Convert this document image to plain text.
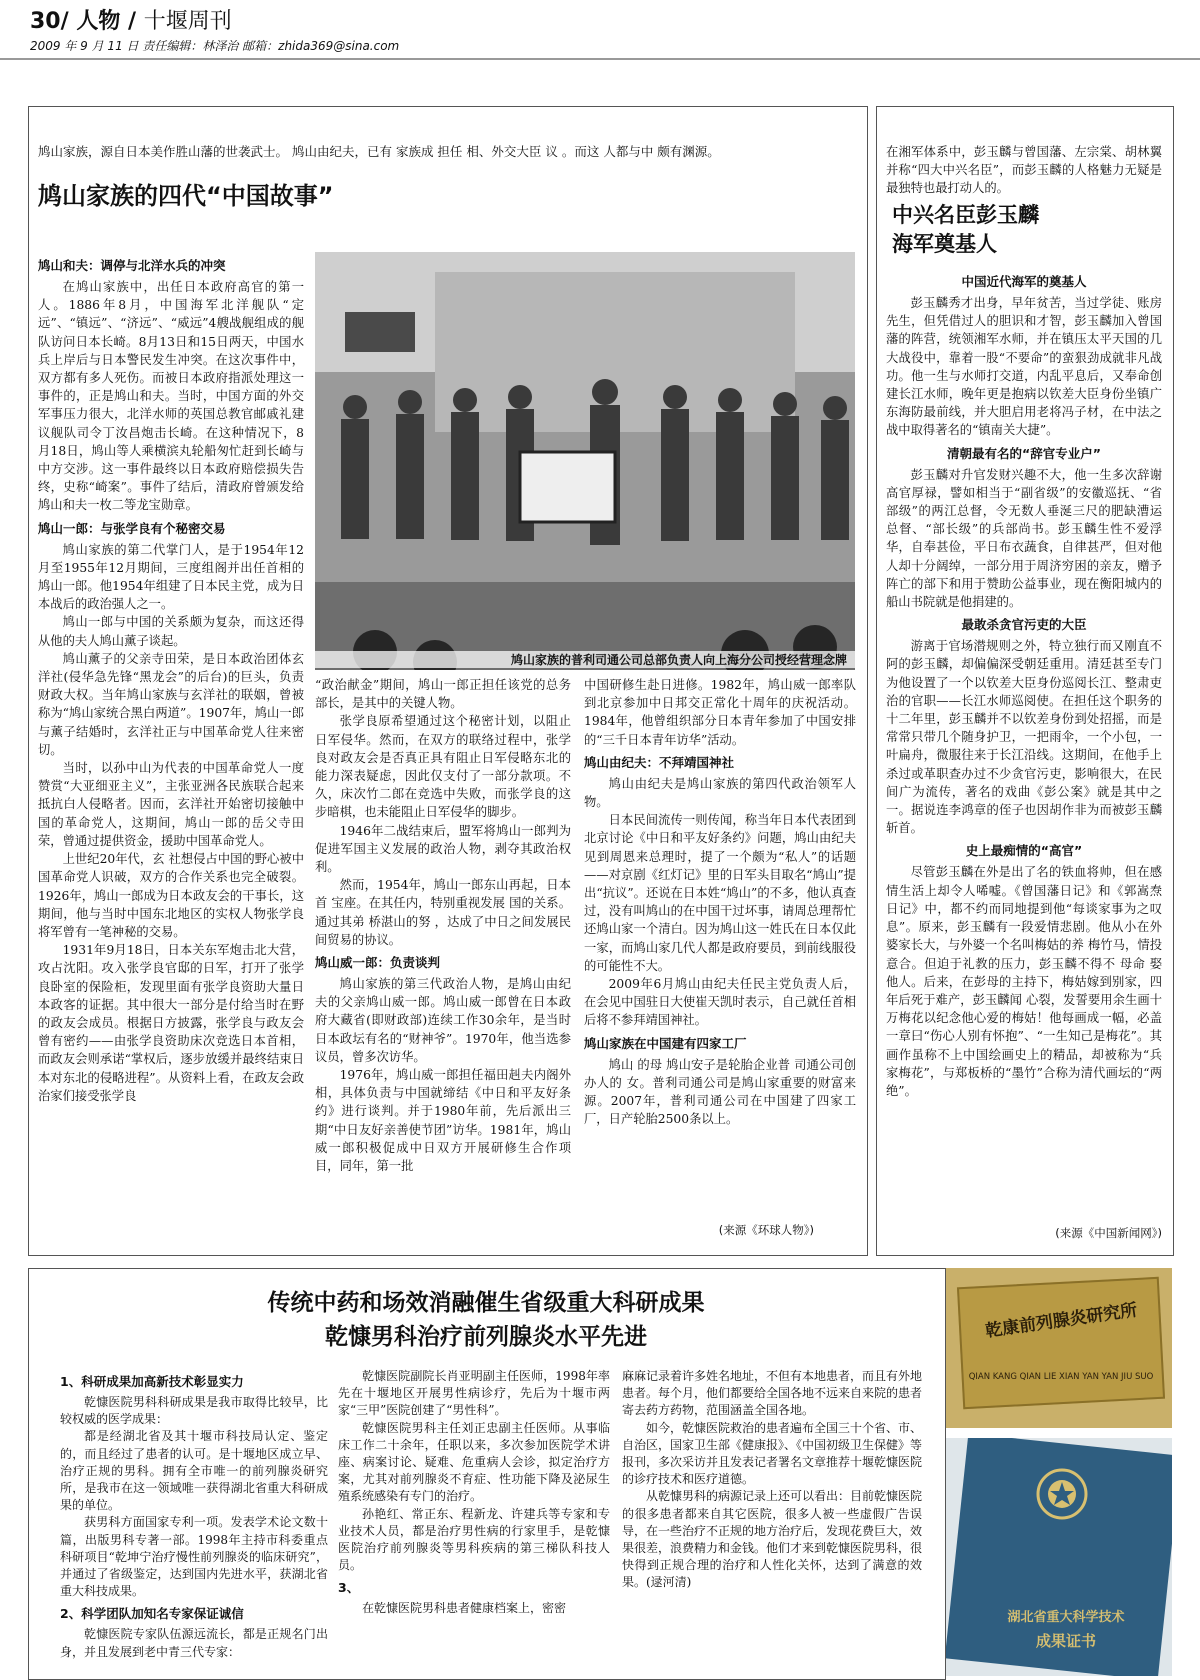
30/ 人物 / 十堰周刊
2009 年 9 月 11 日 责任编辑：林泽治 邮箱：zhida369@sina.com
鸠山家族，源自日本美作胜山藩的世袭武士。 鸠山由纪夫，已有 家族成 担任 相、外交大臣 议 。而这 人都与中 颇有渊源。
鸠山家族的四代“中国故事”
鸠山家族的普利司通公司总部负责人向上海分公司授经营理念牌
鸠山和夫：调停与北洋水兵的冲突

在鸠山家族中，出任日本政府高官的第一人。1886年8月，中国海军北洋舰队“定远”、“镇远”、“济远”、“威远”4艘战舰组成的舰队访问日本长崎。8月13日和15日两天，中国水兵上岸后与日本警民发生冲突。在这次事件中，双方都有多人死伤。而被日本政府指派处理这一事件的，正是鸠山和夫。当时，中国方面的外交军事压力很大，北洋水师的英国总教官邮戚礼建议舰队司令丁汝昌炮击长崎。在这种情况下，8月18日，鸠山等人乘横滨丸轮船匆忙赶到长崎与中方交涉。这一事件最终以日本政府赔偿损失告终，史称“崎案”。事件了结后，清政府曾颁发给鸠山和夫一枚二等龙宝勋章。

鸠山一郎：与张学良有个秘密交易

鸠山家族的第二代掌门人，是于1954年12月至1955年12月期间，三度组阁并出任首相的鸠山一郎。他1954年组建了日本民主党，成为日本战后的政治强人之一。

鸠山一郎与中国的关系颇为复杂，而这还得从他的夫人鸠山薰子谈起。

鸠山薰子的父亲寺田荣，是日本政治团体玄洋社(侵华急先锋“黑龙会”的后台)的巨头，负责财政大权。当年鸠山家族与玄洋社的联姻，曾被称为“鸠山家统合黑白两道”。1907年，鸠山一郎与薰子结婚时，玄洋社正与中国革命党人往来密切。

当时，以孙中山为代表的中国革命党人一度赞赏“大亚细亚主义”，主张亚洲各民族联合起来抵抗白人侵略者。因而，玄洋社开始密切接触中国的革命党人，这期间，鸠山一郎的岳父寺田荣，曾通过提供资金，援助中国革命党人。

上世纪20年代，玄 社想侵占中国的野心被中国革命党人识破，双方的合作关系也完全破裂。1926年，鸠山一郎成为日本政友会的干事长，这期间，他与当时中国东北地区的实权人物张学良将军曾有一笔神秘的交易。

1931年9月18日，日本关东军炮击北大营，攻占沈阳。攻入张学良官邸的日军，打开了张学良卧室的保险柜，发现里面有张学良资助大量日本政客的证据。其中很大一部分是付给当时在野的政友会成员。根据日方披露，张学良与政友会曾有密约——由张学良资助床次竞选日本首相，而政友会则承诺“掌权后，逐步放缓并最终结束日本对东北的侵略进程”。从资料上看，在政友会政治家们接受张学良

“政治献金”期间，鸠山一郎正担任该党的总务部长，是其中的关键人物。

张学良原希望通过这个秘密计划，以阻止日军侵华。然而，在双方的联络过程中，张学良对政友会是否真正具有阻止日军侵略东北的能力深表疑虑，因此仅支付了一部分款项。不久，床次竹二郎在竞选中失败，而张学良的这步暗棋，也未能阻止日军侵华的脚步。

1946年二战结束后，盟军将鸠山一郎判为促进军国主义发展的政治人物，剥夺其政治权利。

然而，1954年，鸠山一郎东山再起，日本首 宝座。在其任内，特别重视发展 国的关系。通过其弟 桥湛山的努 ，达成了中日之间发展民间贸易的协议。

鸠山威一郎：负责谈判

鸠山家族的第三代政治人物，是鸠山由纪夫的父亲鸠山威一郎。鸠山威一郎曾在日本政府大藏省(即财政部)连续工作30余年，是当时日本政坛有名的“财神爷”。1970年，他当选参议员，曾多次访华。

1976年，鸠山威一郎担任福田赳夫内阁外相，具体负责与中国就缔结《中日和平友好条约》进行谈判。并于1980年前，先后派出三期“中日友好亲善使节团”访华。1981年，鸠山威一郎积极促成中日双方开展研修生合作项目，同年，第一批

中国研修生赴日进修。1982年，鸠山威一郎率队到北京参加中日邦交正常化十周年的庆祝活动。1984年，他曾组织部分日本青年参加了中国安排的“三千日本青年访华”活动。

鸠山由纪夫：不拜靖国神社

鸠山由纪夫是鸠山家族的第四代政治领军人物。

日本民间流传一则传闻，称当年日本代表团到北京讨论《中日和平友好条约》问题，鸠山由纪夫见到周恩来总理时，提了一个颇为“私人”的话题——对京剧《红灯记》里的日军头目取名“鸠山”提出“抗议”。还说在日本姓“鸠山”的不多，他认真查过，没有叫鸠山的在中国干过坏事，请周总理帮忙还鸠山家一个清白。因为鸠山这一姓氏在日本仅此一家，而鸠山家几代人都是政府要员，到前线服役的可能性不大。

2009年6月鸠山由纪夫任民主党负责人后，在会见中国驻日大使崔天凯时表示，自己就任首相后将不参拜靖国神社。

鸠山家族在中国建有四家工厂

鸠山 的母 鸠山安子是轮胎企业普 司通公司创办人的 女。普利司通公司是鸠山家重要的财富来源。2007年，普利司通公司在中国建了四家工厂，日产轮胎2500条以上。

(来源《环球人物》)
在湘军体系中，彭玉麟与曾国藩、左宗棠、胡林翼并称“四大中兴名臣”，而彭玉麟的人格魅力无疑是最独特也最打动人的。
中兴名臣彭玉麟
海军奠基人
中国近代海军的奠基人

彭玉麟秀才出身，早年贫苦，当过学徒、账房先生，但凭借过人的胆识和才智，彭玉麟加入曾国藩的阵营，统领湘军水师，并在镇压太平天国的几大战役中，靠着一股“不要命”的蛮狠劲成就非凡战功。他一生与水师打交道，内乱平息后，又奉命创建长江水师，晚年更是抱病以钦差大臣身份坐镇广东海防最前线，并大胆启用老将冯子材，在中法之战中取得著名的“镇南关大捷”。

清朝最有名的“辞官专业户”

彭玉麟对升官发财兴趣不大，他一生多次辞谢高官厚禄，譬如相当于“副省级”的安徽巡抚、“省部级”的两江总督，令无数人垂涎三尺的肥缺漕运总督、“部长级”的兵部尚书。彭玉麟生性不爱浮华，自奉甚俭，平日布衣蔬食，自律甚严，但对他人却十分阔绰，一部分用于周济穷困的亲友，赠予阵亡的部下和用于赞助公益事业，现在衡阳城内的船山书院就是他捐建的。

最敢杀贪官污吏的大臣

游离于官场潜规则之外，特立独行而又刚直不阿的彭玉麟，却偏偏深受朝廷重用。清廷甚至专门为他设置了一个以钦差大臣身份巡阅长江、整肃吏治的官职——长江水师巡阅使。在担任这个职务的十二年里，彭玉麟并不以钦差身份到处招摇，而是常常只带几个随身护卫，一把雨伞，一个小包，一叶扁舟，微服往来于长江沿线。这期间，在他手上杀过或革职查办过不少贪官污吏，影响很大，在民间广为流传，著名的戏曲《彭公案》就是其中之一。据说连李鸿章的侄子也因胡作非为而被彭玉麟斩首。

史上最痴情的“高官”

尽管彭玉麟在外是出了名的铁血将帅，但在感情生活上却令人唏嘘。《曾国藩日记》和《郭嵩焘日记》中，都不约而同地提到他“每谈家事为之叹息”。原来，彭玉麟有一段爱情悲剧。他从小在外婆家长大，与外婆一个名叫梅姑的养 梅竹马，情投意合。但迫于礼教的压力，彭玉麟不得不 母命 娶他人。后来，在彭母的主持下，梅姑嫁到别家，四年后死于难产，彭玉麟闻 心裂，发誓要用余生画十万梅花以纪念他心爱的梅姑！他每画成一幅，必盖一章曰“伤心人别有怀抱”、“一生知己是梅花”。其画作虽称不上中国绘画史上的精品，却被称为“兵家梅花”，与郑板桥的“墨竹”合称为清代画坛的“两绝”。

(来源《中国新闻网》)
传统中药和场效消融催生省级重大科研成果
乾慷男科治疗前列腺炎水平先进
1、科研成果加高新技术彰显实力

乾慷医院男科科研成果是我市取得比较早，比较权威的医学成果：

都是经湖北省及其十堰市科技局认定、鉴定的，而且经过了患者的认可。是十堰地区成立早、治疗正规的男科。拥有全市唯一的前列腺炎研究所，是我市在这一领域唯一获得湖北省重大科研成果的单位。

获男科方面国家专利一项。发表学术论文数十篇，出版男科专著一部。1998年主持市科委重点科研项目“乾坤宁治疗慢性前列腺炎的临床研究”，并通过了省级鉴定，达到国内先进水平，获湖北省重大科技成果。

2、科学团队加知名专家保证诚信

乾慷医院专家队伍源远流长，都是正规名门出身，并且发展到老中青三代专家：

乾慷医院副院长肖亚明副主任医师，1998年率先在十堰地区开展男性病诊疗，先后为十堰市两家“三甲”医院创建了“男性科”。

乾慷医院男科主任刘正忠副主任医师。从事临床工作二十余年，任职以来，多次参加医院学术讲座、病案讨论、疑难、危重病人会诊，拟定治疗方案，尤其对前列腺炎不育症、性功能下降及泌尿生殖系统感染有专门的治疗。

孙艳红、常正东、程新龙、许建兵等专家和专业技术人员，都是治疗男性病的行家里手，是乾慷医院治疗前列腺炎等男科疾病的第三梯队科技人员。

3、

在乾慷医院男科患者健康档案上，密密

麻麻记录着许多姓名地址，不但有本地患者，而且有外地患者。每个月，他们都要给全国各地不远来自来院的患者寄去药方药物，范围涵盖全国各地。

如今，乾慷医院救治的患者遍布全国三十个省、市、自治区，国家卫生部《健康报》、《中国初级卫生保健》等报刊，多次采访并且发表记者署名文章推荐十堰乾慷医院的诊疗技术和医疗道德。

从乾慷男科的病源记录上还可以看出：目前乾慷医院的很多患者都来自其它医院，很多人被一些虚假广告误导，在一些治疗不正规的地方治疗后，发现花费巨大，效果很差，浪费精力和金钱。他们才来到乾慷医院男科，很快得到正规合理的治疗和人性化关怀，达到了满意的效果。(逯河清)

乾康前列腺炎研究所
QIAN KANG QIAN LIE XIAN YAN YAN JIU SUO
湖北省重大科学技术
成果证书
